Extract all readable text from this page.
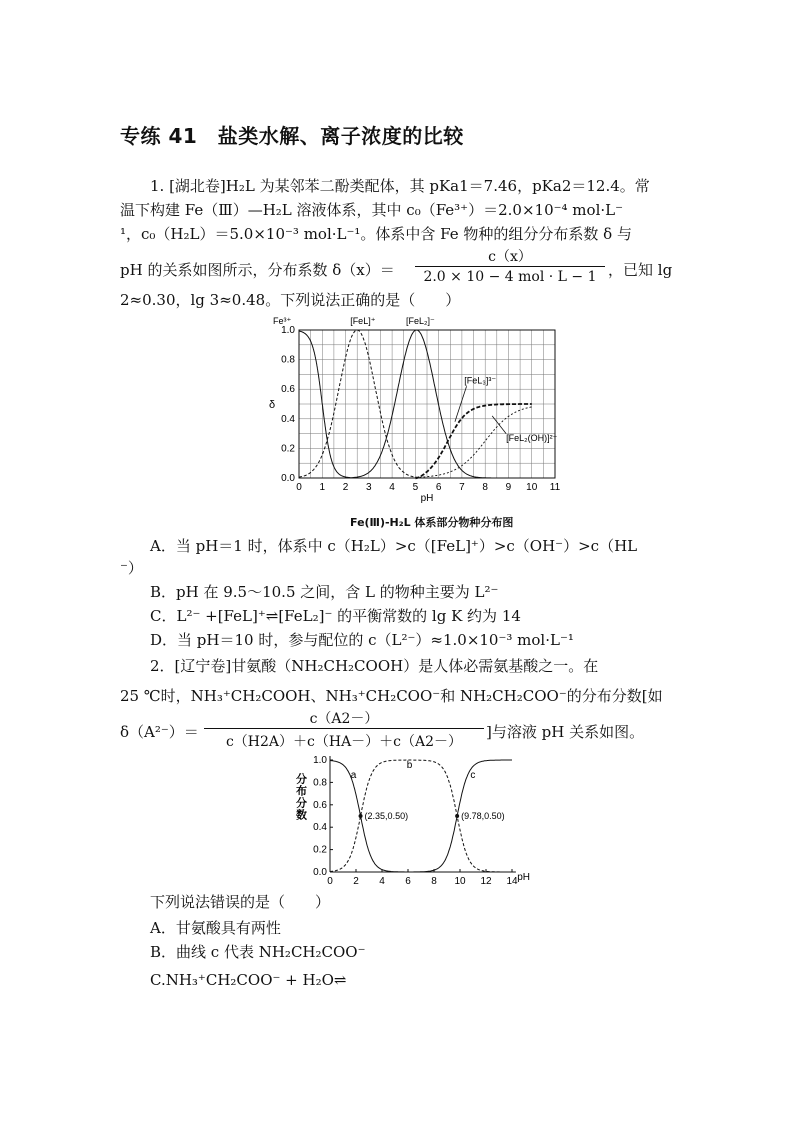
专练 41　盐类水解、离子浓度的比较
1. [湖北卷]H₂L 为某邻苯二酚类配体，其 pKa1＝7.46，pKa2＝12.4。常
温下构建 Fe（Ⅲ）—H₂L 溶液体系，其中 c₀（Fe³⁺）＝2.0×10⁻⁴ mol·L⁻
¹，c₀（H₂L）＝5.0×10⁻³ mol·L⁻¹。体系中含 Fe 物种的组分分布系数 δ 与
pH 的关系如图所示，分布系数 δ（x）＝
c（x）
2.0 × 10 − 4 mol · L − 1 ，已知 lg
2≈0.30，lg 3≈0.48。下列说法正确的是（　　）
0 1 2 3 4 5 6 7 8 9 10 11
0.0
0.2
0.4
0.6
0.8
1.0
pH
δ
Fe³⁺	[FeL]⁺	[FeL₂]⁻
[FeL₃]³⁻
[FeL₂(OH)]²⁻
Fe(Ⅲ)-H₂L 体系部分物种分布图
A．当 pH＝1 时，体系中 c（H₂L）>c（[FeL]⁺）>c（OH⁻）>c（HL
⁻）
B．pH 在 9.5～10.5 之间，含 L 的物种主要为 L²⁻
C．L²⁻ +[FeL]⁺⇌[FeL₂]⁻ 的平衡常数的 lg K 约为 14
D．当 pH＝10 时，参与配位的 c（L²⁻）≈1.0×10⁻³ mol·L⁻¹
2．[辽宁卷]甘氨酸（NH₂CH₂COOH）是人体必需氨基酸之一。在
25 ℃时，NH₃⁺CH₂COOH、NH₃⁺CH₂COO⁻和 NH₂CH₂COO⁻的分布分数[如
$\delta(A^{2-})= \frac{c(A2-)}{c(H2A)+c(HA-)+c(A2-)}$ ]与溶液 pH 关系如图。
0 2 4 6 8 10 12 14
0.0
0.2
0.4
0.6
0.8
1.0
pH
分
布
分
数
a
b
c
(2.35,0.50)	(9.78,0.50)
下列说法错误的是（　　）
A．甘氨酸具有两性
B．曲线 c 代表 NH₂CH₂COO⁻
C.NH₃⁺CH₂COO⁻ + H₂O⇌
